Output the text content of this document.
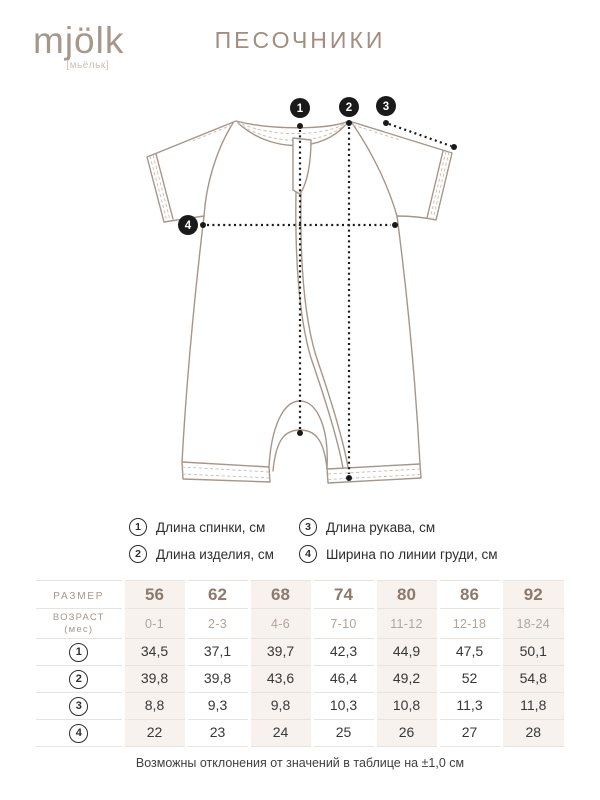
mjölk
[мьёльк]
ПЕСОЧНИКИ
1	2	3
4
1	Длина спинки, см
2	Длина изделия, см
3	Длина рукава, см
4	Ширина по линии груди, см
РАЗМЕР	56	62	68	74	80	86	92

ВОЗРАСТ
(мес)	0-1	2-3	4-6	7-10	11-12	12-18	18-24
1	34,5	37,1	39,7	42,3	44,9	47,5	50,1
2	39,8	39,8	43,6	46,4	49,2	52	54,8
3	8,8	9,3	9,8	10,3	10,8	11,3	11,8
4	22	23	24	25	26	27	28
Возможны отклонения от значений в таблице на ±1,0 см
